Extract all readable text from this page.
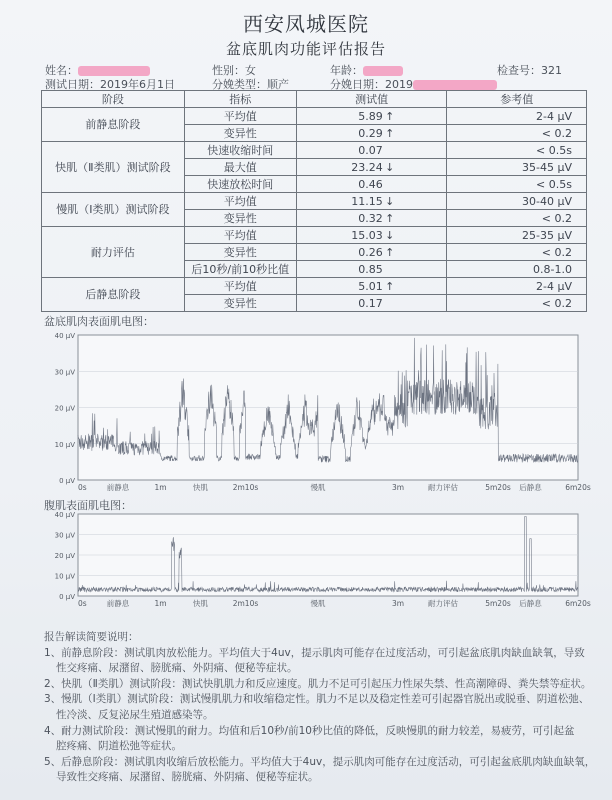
西安凤城医院
盆底肌肉功能评估报告
姓名：	性别：女	年龄：	检查号：321
测试日期：2019年6月1日	分娩类型：顺产	分娩日期：2019
阶段	指标	测试值	参考值
前静息阶段	平均值	5.89 ↑	2-4 μV
	变异性	0.29 ↑	< 0.2
快肌（Ⅱ类肌）测试阶段	快速收缩时间	0.07	< 0.5s
	最大值	23.24 ↓	35-45 μV
	快速放松时间	0.46	< 0.5s
慢肌（Ⅰ类肌）测试阶段	平均值	11.15 ↓	30-40 μV
	变异性	0.32 ↑	< 0.2
耐力评估	平均值	15.03 ↓	25-35 μV
	变异性	0.26 ↑	< 0.2
	后10秒/前10秒比值	0.85	0.8-1.0
后静息阶段	平均值	5.01 ↑	2-4 μV
	变异性	0.17	< 0.2
盆底肌肉表面肌电图：
40 μV
30 μV
20 μV
10 μV
0 μV
0s	前静息	1m	快肌	2m10s	慢肌	3m	耐力评估	5m20s 后静息	6m20s
腹肌表面肌电图：
40 μV
30 μV
20 μV
10 μV
0 μV
0s	前静息	1m	快肌	2m10s	慢肌	3m	耐力评估	5m20s 后静息	6m20s
报告解读简要说明：
1、前静息阶段：测试肌肉放松能力。平均值大于4uv，提示肌肉可能存在过度活动，可引起盆底肌肉缺血缺氧，导致
性交疼痛、尿潴留、膀胱痛、外阴痛、便秘等症状。
2、快肌（Ⅱ类肌）测试阶段：测试快肌肌力和反应速度。肌力不足可引起压力性尿失禁、性高潮障碍、粪失禁等症状。
3、慢肌（Ⅰ类肌）测试阶段：测试慢肌肌力和收缩稳定性。肌力不足以及稳定性差可引起器官脱出或脱垂、阴道松弛、
性冷淡、反复泌尿生殖道感染等。
4、耐力测试阶段：测试慢肌的耐力。均值和后10秒/前10秒比值的降低，反映慢肌的耐力较差，易疲劳，可引起盆
腔疼痛、阴道松弛等症状。
5、后静息阶段：测试肌肉收缩后放松能力。平均值大于4uv，提示肌肉可能存在过度活动，可引起盆底肌肉缺血缺氧，
导致性交疼痛、尿潴留、膀胱痛、外阴痛、便秘等症状。
